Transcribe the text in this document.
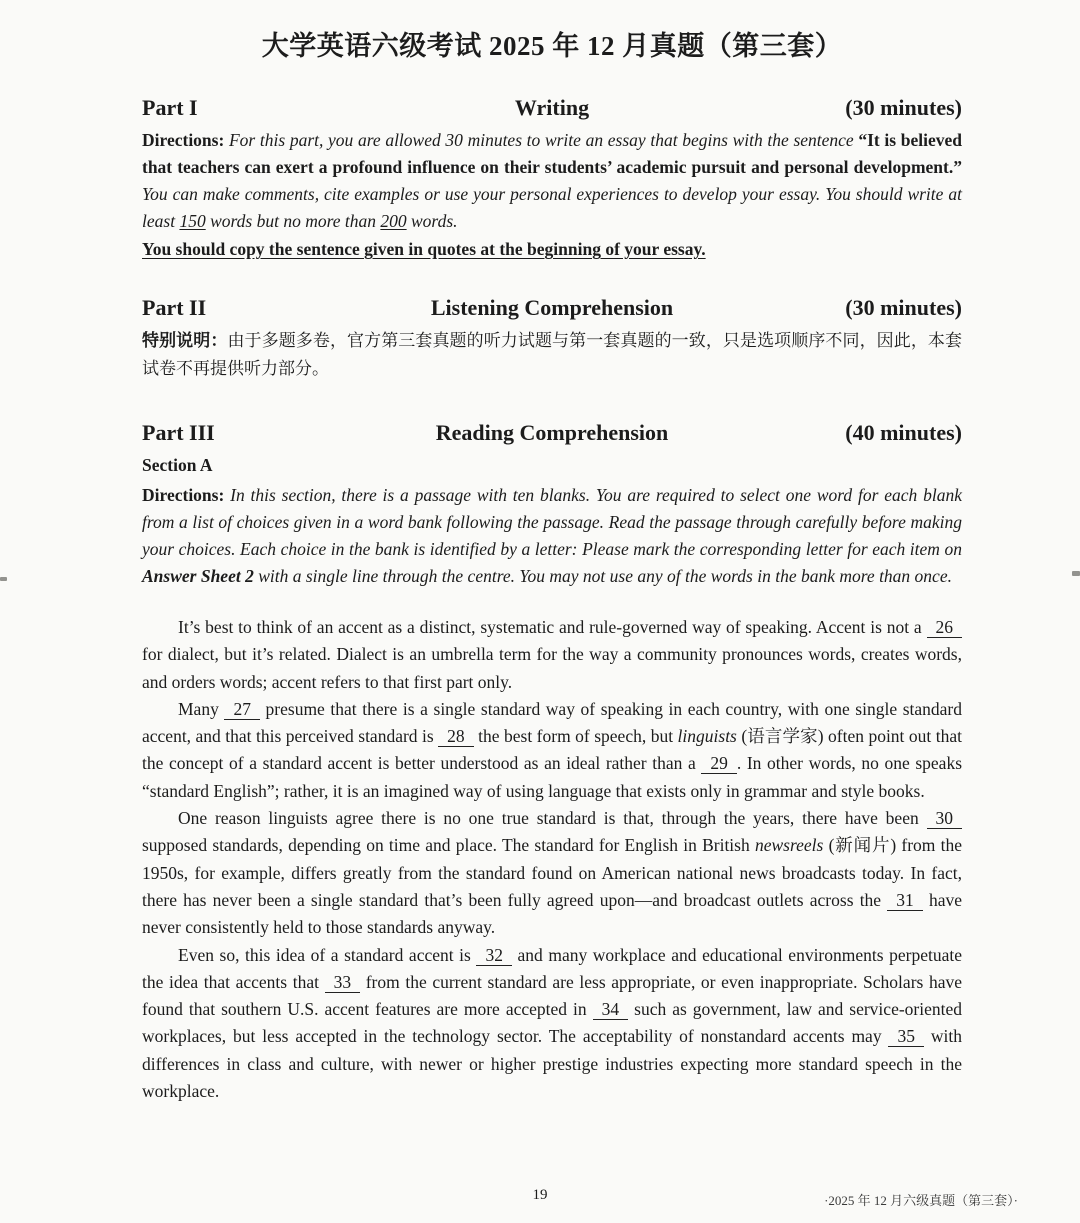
大学英语六级考试 2025 年 12 月真题（第三套）
Part I	Writing	(30 minutes)

Directions: For this part, you are allowed 30 minutes to write an essay that begins with the sentence “It is believed that teachers can exert a profound influence on their students’ academic pursuit and personal development.” You can make comments, cite examples or use your personal experiences to develop your essay. You should write at least 150 words but no more than 200 words.

You should copy the sentence given in quotes at the beginning of your essay.

Part II	Listening Comprehension	(30 minutes)

特别说明：由于多题多卷，官方第三套真题的听力试题与第一套真题的一致，只是选项顺序不同，因此，本套试卷不再提供听力部分。

Part III	Reading Comprehension	(40 minutes)

Section A

Directions: In this section, there is a passage with ten blanks. You are required to select one word for each blank from a list of choices given in a word bank following the passage. Read the passage through carefully before making your choices. Each choice in the bank is identified by a letter: Please mark the corresponding letter for each item on Answer Sheet 2 with a single line through the centre. You may not use any of the words in the bank more than once.

It’s best to think of an accent as a distinct, systematic and rule-governed way of speaking. Accent is not a 26 for dialect, but it’s related. Dialect is an umbrella term for the way a community pronounces words, creates words, and orders words; accent refers to that first part only.

Many 27 presume that there is a single standard way of speaking in each country, with one single standard accent, and that this perceived standard is 28 the best form of speech, but linguists (语言学家) often point out that the concept of a standard accent is better understood as an ideal rather than a 29 . In other words, no one speaks “standard English”; rather, it is an imagined way of using language that exists only in grammar and style books.

One reason linguists agree there is no one true standard is that, through the years, there have been 30 supposed standards, depending on time and place. The standard for English in British newsreels (新闻片) from the 1950s, for example, differs greatly from the standard found on American national news broadcasts today. In fact, there has never been a single standard that’s been fully agreed upon—and broadcast outlets across the 31 have never consistently held to those standards anyway.

Even so, this idea of a standard accent is 32 and many workplace and educational environments perpetuate the idea that accents that 33 from the current standard are less appropriate, or even inappropriate. Scholars have found that southern U.S. accent features are more accepted in 34 such as government, law and service-oriented workplaces, but less accepted in the technology sector. The acceptability of nonstandard accents may 35 with differences in class and culture, with newer or higher prestige industries expecting more standard speech in the workplace.

19	·2025 年 12 月六级真题（第三套）·
